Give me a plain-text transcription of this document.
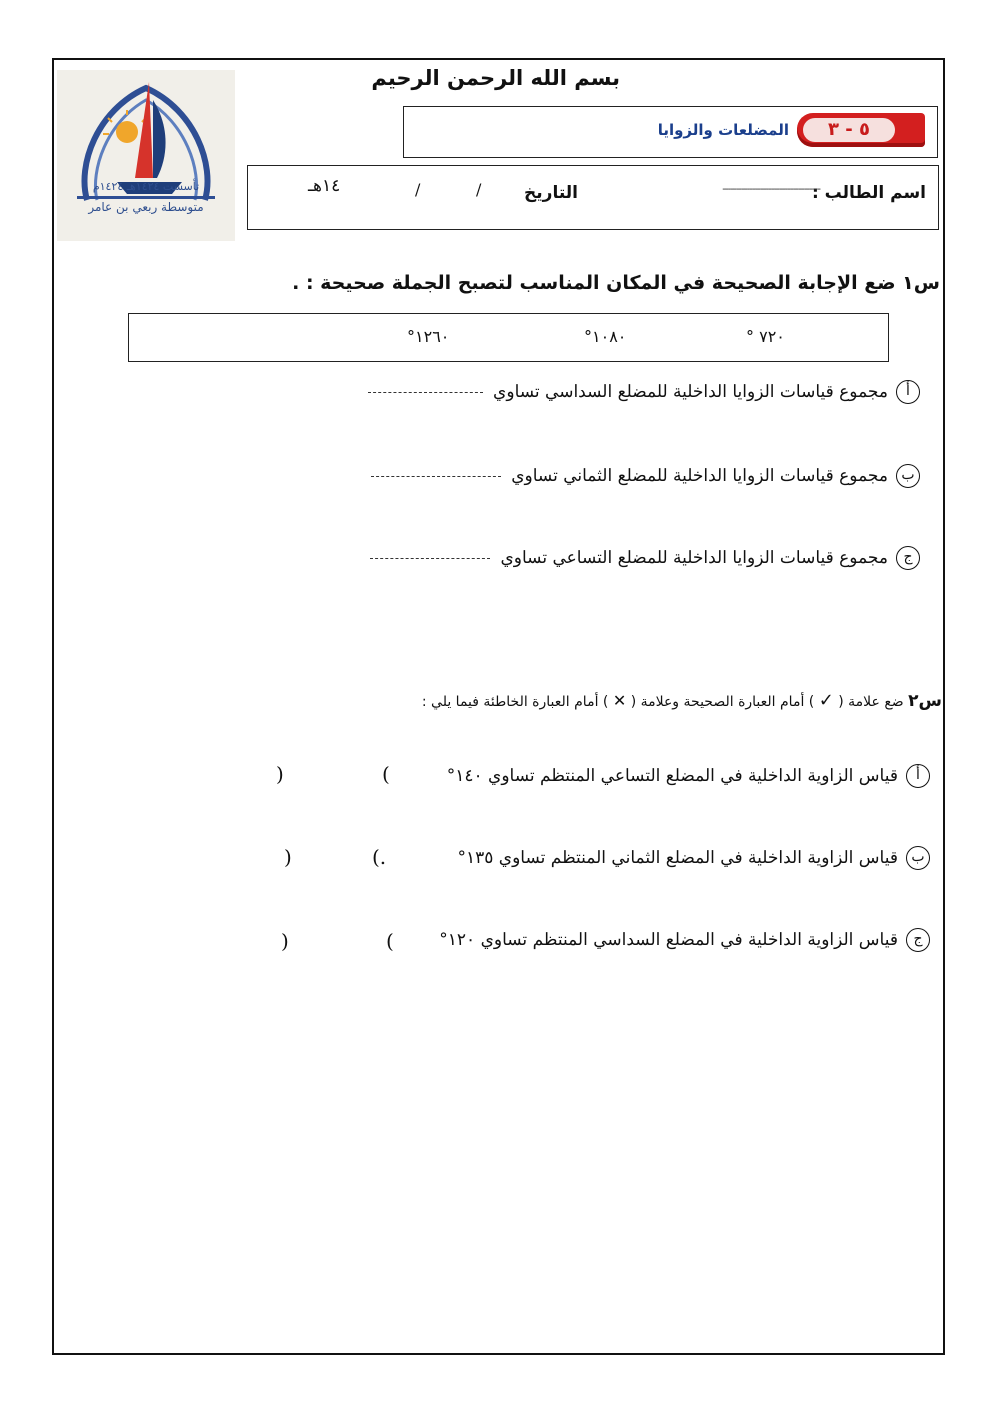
تأسست ١٤٢٤هـ ١٤٢٤م
متوسطة ربعي بن عامر
بسم الله الرحمن الرحيم
٥ - ٣
المضلعات والزوايا
اسم الطالب :
------------------------------------
التاريخ
/
/
١٤هـ
س١ ضع الإجابة الصحيحة في المكان المناسب لتصبح الجملة صحيحة : .
٧٢٠ °
١٠٨٠°
١٢٦٠°
أ
مجموع قياسات الزوايا الداخلية للمضلع السداسي تساوي
ب
مجموع قياسات الزوايا الداخلية للمضلع الثماني تساوي
ج
مجموع قياسات الزوايا الداخلية للمضلع التساعي تساوي
س٢ ضع علامة ( ✓ ) أمام العبارة الصحيحة وعلامة ( ✕ ) أمام العبارة الخاطئة فيما يلي :
أ
قياس الزاوية الداخلية في المضلع التساعي المنتظم تساوي ١٤٠°
(
)
ب
قياس الزاوية الداخلية في المضلع الثماني المنتظم تساوي ١٣٥°
(.
)
ج
قياس الزاوية الداخلية في المضلع السداسي المنتظم تساوي ١٢٠°
(
)
